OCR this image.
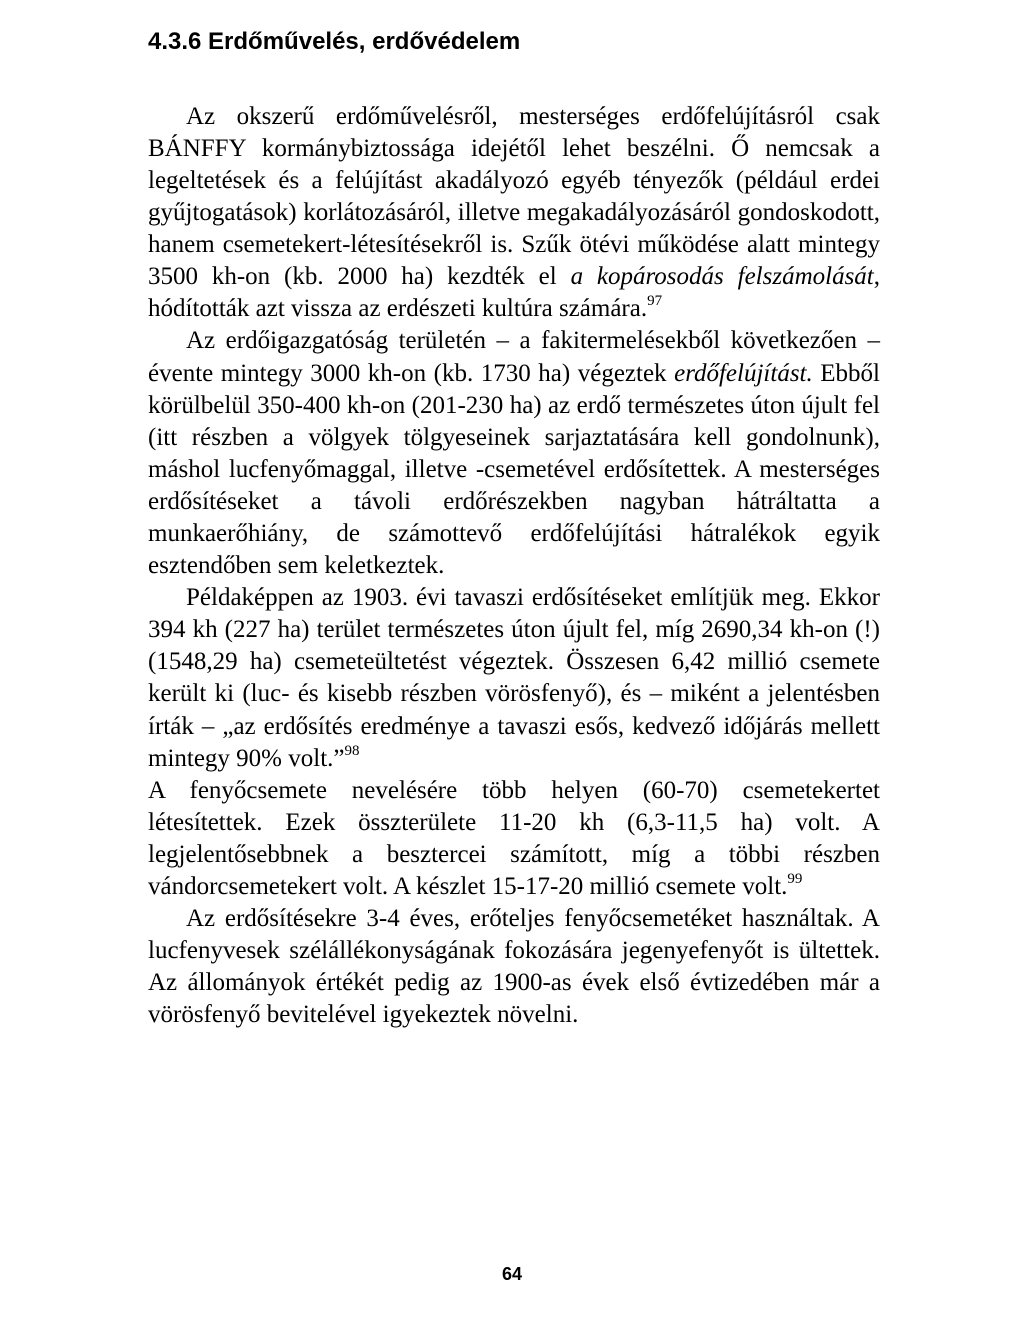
4.3.6 Erdőművelés, erdővédelem

Az okszerű erdőművelésről, mesterséges erdőfelújításról csak BÁNFFY kormánybiztossága idejétől lehet beszélni. Ő nemcsak a legeltetések és a felújítást akadályozó egyéb tényezők (például erdei gyűjtogatások) korlátozásáról, illetve megakadályozásáról gondoskodott, hanem csemetekert-létesítésekről is. Szűk ötévi működése alatt mintegy 3500 kh-on (kb. 2000 ha) kezdték el a kopárosodás felszámolását, hódították azt vissza az erdészeti kultúra számára.$^{97}$

Az erdőigazgatóság területén – a fakitermelésekből következően – évente mintegy 3000 kh-on (kb. 1730 ha) végeztek erdőfelújítást. Ebből körülbelül 350-400 kh-on (201-230 ha) az erdő természetes úton újult fel (itt részben a völgyek tölgyeseinek sarjaztatására kell gondolnunk), máshol lucfenyőmaggal, illetve -csemetével erdősítettek. A mesterséges erdősítéseket a távoli erdőrészekben nagyban hátráltatta a munkaerőhiány, de számottevő erdőfelújítási hátralékok egyik esztendőben sem keletkeztek.

Példaképpen az 1903. évi tavaszi erdősítéseket említjük meg. Ekkor 394 kh (227 ha) terület természetes úton újult fel, míg 2690,34 kh-on (!) (1548,29 ha) csemeteültetést végeztek. Összesen 6,42 millió csemete került ki (luc- és kisebb részben vörösfenyő), és – miként a jelentésben írták – „az erdősítés eredménye a tavaszi esős, kedvező időjárás mellett mintegy 90% volt.”$^{98}$

A fenyőcsemete nevelésére több helyen (60-70) csemetekertet létesítettek. Ezek összterülete 11-20 kh (6,3-11,5 ha) volt. A legjelentősebbnek a besztercei számított, míg a többi részben vándorcsemetekert volt. A készlet 15-17-20 millió csemete volt.$^{99}$

Az erdősítésekre 3-4 éves, erőteljes fenyőcsemetéket használtak. A lucfenyvesek szélállékonyságának fokozására jegenyefenyőt is ültettek. Az állományok értékét pedig az 1900-as évek első évtizedében már a vörösfenyő bevitelével igyekeztek növelni.

64
